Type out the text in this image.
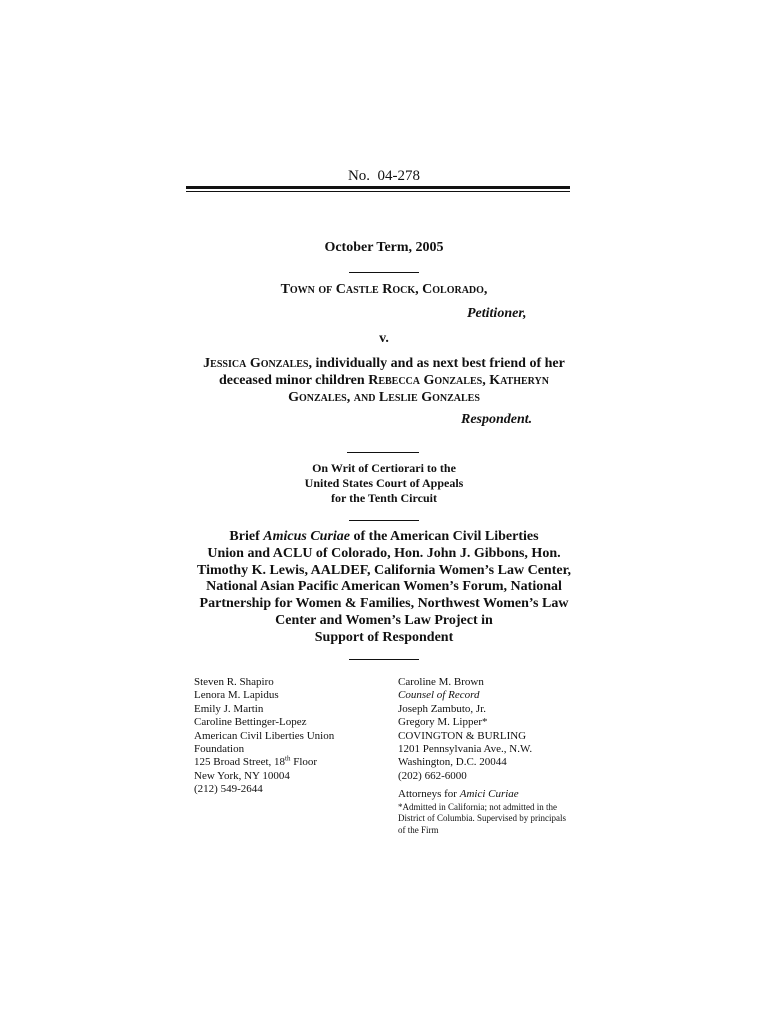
No. 04-278
October Term, 2005
Town of Castle Rock, Colorado,
Petitioner,
v.
Jessica Gonzales, individually and as next best friend of her
deceased minor children Rebecca Gonzales, Katheryn
Gonzales, and Leslie Gonzales
Respondent.
On Writ of Certiorari to the
United States Court of Appeals
for the Tenth Circuit
Brief Amicus Curiae of the American Civil Liberties
Union and ACLU of Colorado, Hon. John J. Gibbons, Hon.
Timothy K. Lewis, AALDEF, California Women’s Law Center,
National Asian Pacific American Women’s Forum, National
Partnership for Women & Families, Northwest Women’s Law
Center and Women’s Law Project in
Support of Respondent
Steven R. Shapiro
Lenora M. Lapidus
Emily J. Martin
Caroline Bettinger-Lopez
American Civil Liberties Union
Foundation
125 Broad Street, 18th Floor
New York, NY 10004
(212) 549-2644
Caroline M. Brown
Counsel of Record
Joseph Zambuto, Jr.
Gregory M. Lipper*
COVINGTON & BURLING
1201 Pennsylvania Ave., N.W.
Washington, D.C. 20044
(202) 662-6000
Attorneys for Amici Curiae
*Admitted in California; not admitted in the
District of Columbia. Supervised by principals
of the Firm
